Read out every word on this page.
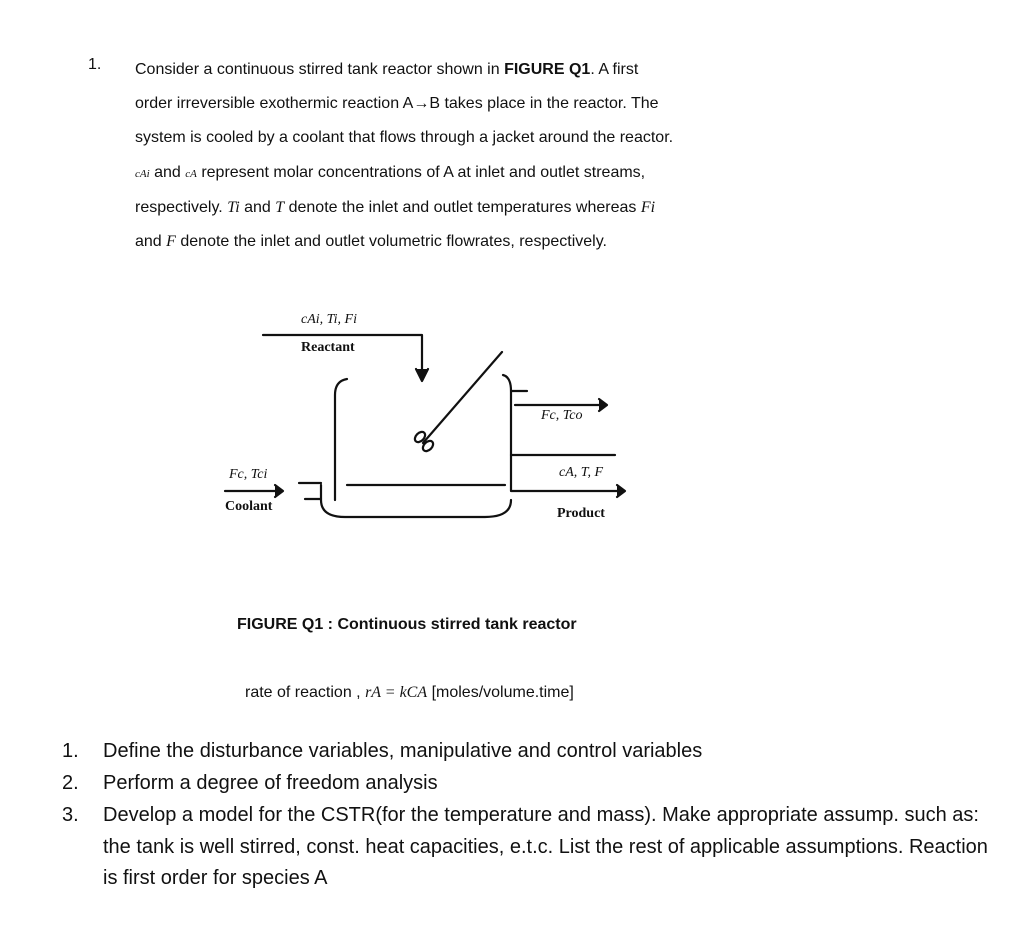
1. Consider a continuous stirred tank reactor shown in FIGURE Q1. A first
order irreversible exothermic reaction A→B takes place in the reactor. The
system is cooled by a coolant that flows through a jacket around the reactor.
cAi and cA represent molar concentrations of A at inlet and outlet streams,
respectively. Ti and T denote the inlet and outlet temperatures whereas Fi
and F denote the inlet and outlet volumetric flowrates, respectively.
cAi, Ti, Fi
Reactant
Fc, Tco
cA, T, F
Product
Fc, Tci
Coolant
FIGURE Q1 : Continuous stirred tank reactor
rate of reaction , rA = kCA [moles/volume.time]
1. Define the disturbance variables, manipulative and control variables
2. Perform a degree of freedom analysis
3. Develop a model for the CSTR(for the temperature and mass). Make appropriate assump. such as: the tank is well stirred, const. heat capacities, e.t.c. List the rest of applicable assumptions. Reaction is first order for species A
